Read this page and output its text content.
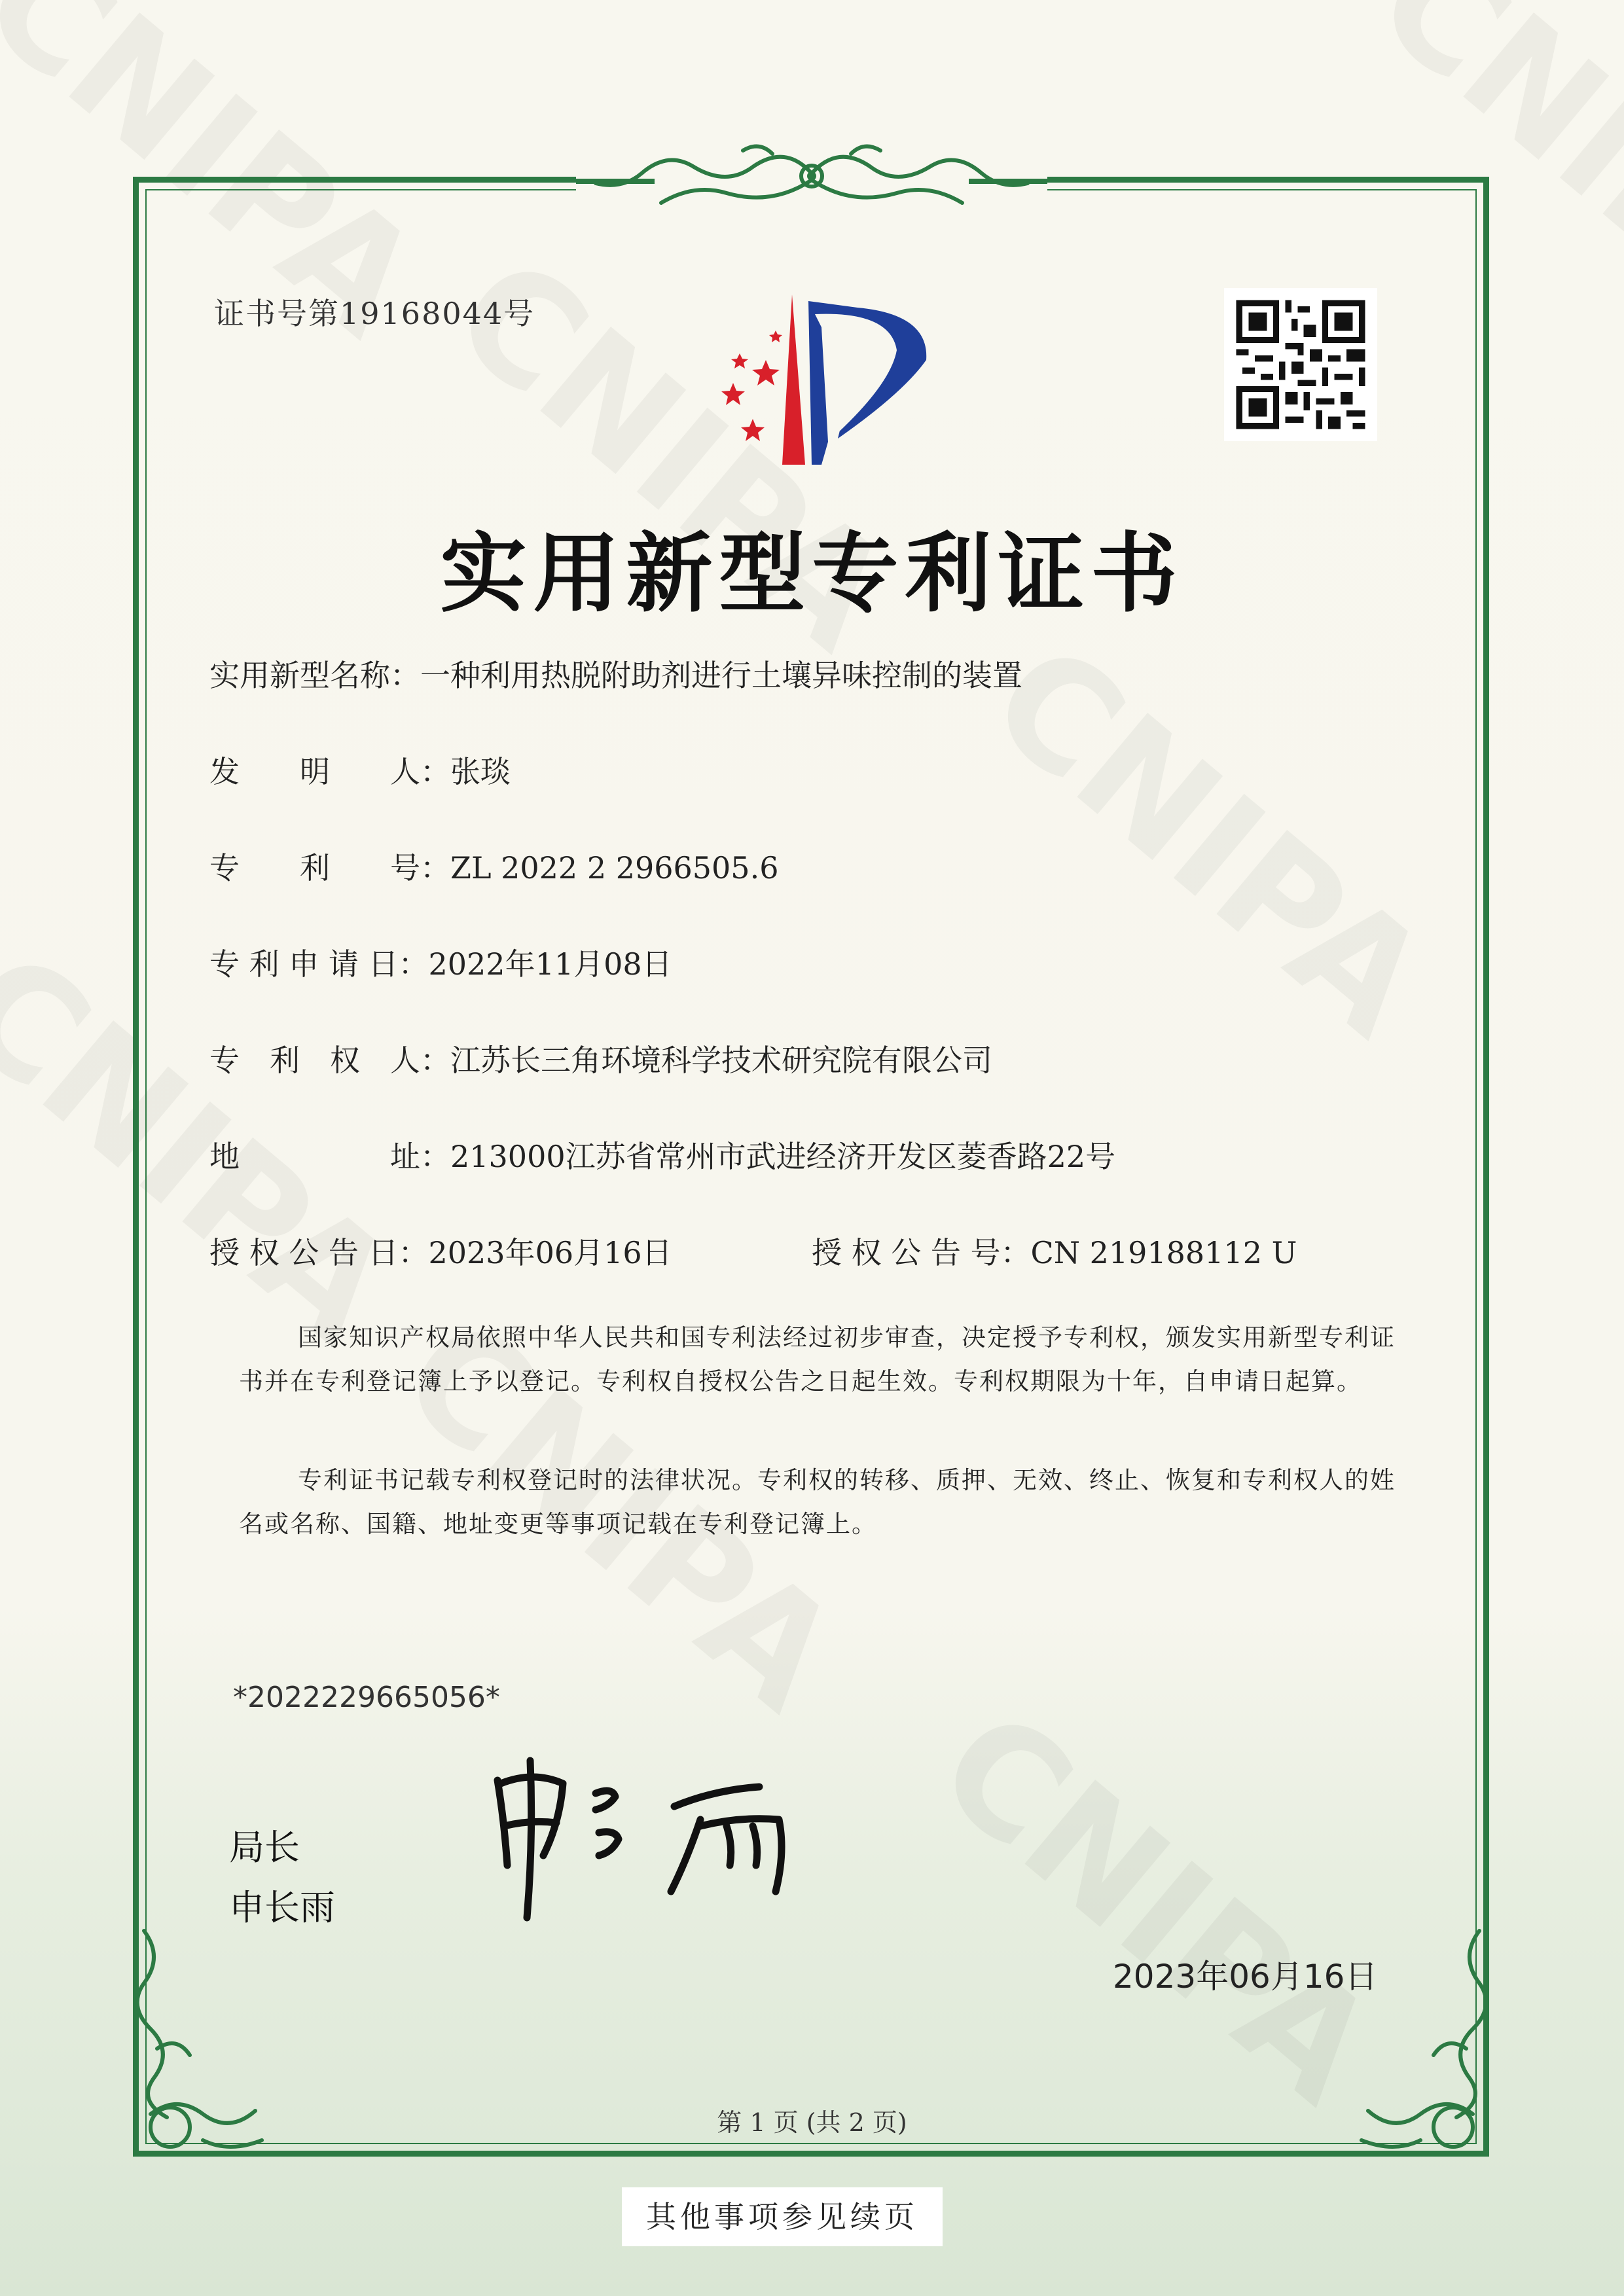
证书号第19168044号
实用新型专利证书
实用新型名称：一种利用热脱附助剂进行土壤异味控制的装置
发　　明　　人：张琰
专　　利　　号：ZL 2022 2 2966505.6
专 利 申 请 日：2022年11月08日
专　利　权　人：江苏长三角环境科学技术研究院有限公司
地　　　　　址：213000江苏省常州市武进经济开发区菱香路22号
授 权 公 告 日：2023年06月16日	授 权 公 告 号：CN 219188112 U
国家知识产权局依照中华人民共和国专利法经过初步审查，决定授予专利权，颁发实用新型专利证书并在专利登记簿上予以登记。专利权自授权公告之日起生效。专利权期限为十年，自申请日起算。
专利证书记载专利权登记时的法律状况。专利权的转移、质押、无效、终止、恢复和专利权人的姓名或名称、国籍、地址变更等事项记载在专利登记簿上。
*2022229665056*
局长
申长雨
2023年06月16日
第 1 页 (共 2 页)
其他事项参见续页
